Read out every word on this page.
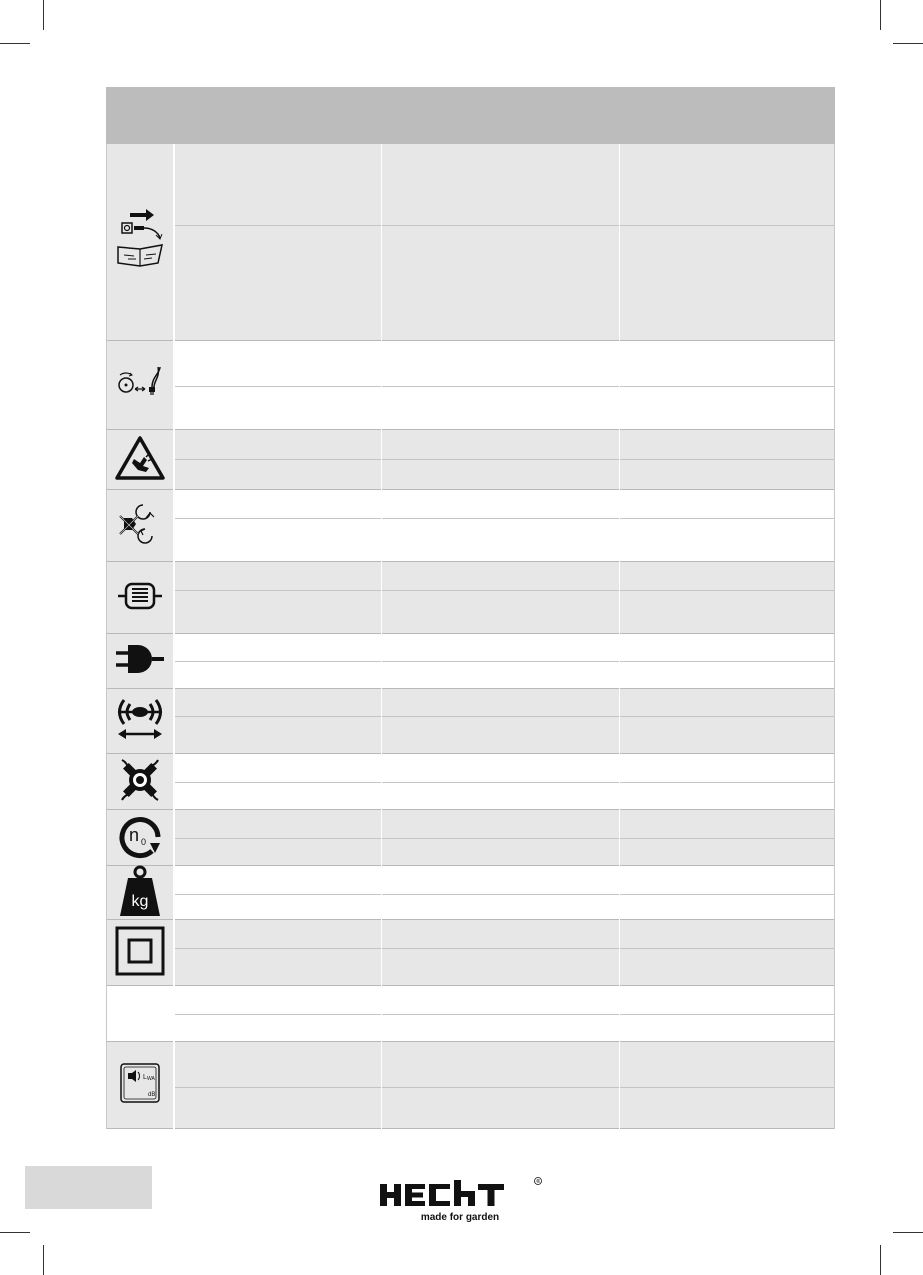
n 0
kg
L WA
dB
®
made for garden
